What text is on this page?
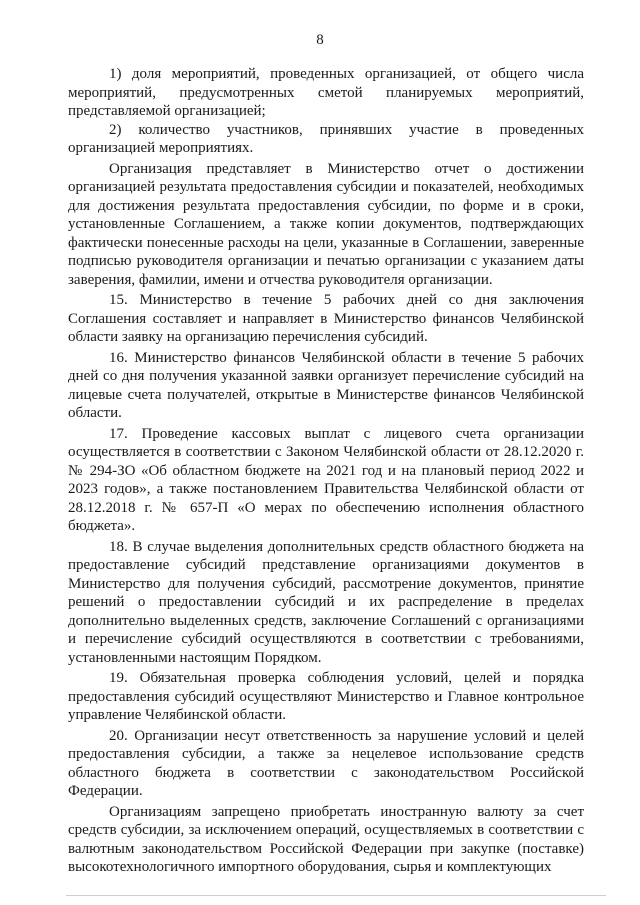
8

1) доля мероприятий, проведенных организацией, от общего числа мероприятий, предусмотренных сметой планируемых мероприятий, представляемой организацией;

2) количество участников, принявших участие в проведенных организацией мероприятиях.

Организация представляет в Министерство отчет о достижении организацией результата предоставления субсидии и показателей, необходимых для достижения результата предоставления субсидии, по форме и в сроки, установленные Соглашением, а также копии документов, подтверждающих фактически понесенные расходы на цели, указанные в Соглашении, заверенные подписью руководителя организации и печатью организации с указанием даты заверения, фамилии, имени и отчества руководителя организации.

15. Министерство в течение 5 рабочих дней со дня заключения Соглашения составляет и направляет в Министерство финансов Челябинской области заявку на организацию перечисления субсидий.

16. Министерство финансов Челябинской области в течение 5 рабочих дней со дня получения указанной заявки организует перечисление субсидий на лицевые счета получателей, открытые в Министерстве финансов Челябинской области.

17. Проведение кассовых выплат с лицевого счета организации осуществляется в соответствии с Законом Челябинской области от 28.12.2020 г. № 294-ЗО «Об областном бюджете на 2021 год и на плановый период 2022 и 2023 годов», а также постановлением Правительства Челябинской области от 28.12.2018 г. № 657-П «О мерах по обеспечению исполнения областного бюджета».

18. В случае выделения дополнительных средств областного бюджета на предоставление субсидий представление организациями документов в Министерство для получения субсидий, рассмотрение документов, принятие решений о предоставлении субсидий и их распределение в пределах дополнительно выделенных средств, заключение Соглашений с организациями и перечисление субсидий осуществляются в соответствии с требованиями, установленными настоящим Порядком.

19. Обязательная проверка соблюдения условий, целей и порядка предоставления субсидий осуществляют Министерство и Главное контрольное управление Челябинской области.

20. Организации несут ответственность за нарушение условий и целей предоставления субсидии, а также за нецелевое использование средств областного бюджета в соответствии с законодательством Российской Федерации.

Организациям запрещено приобретать иностранную валюту за счет средств субсидии, за исключением операций, осуществляемых в соответствии с валютным законодательством Российской Федерации при закупке (поставке) высокотехнологичного импортного оборудования, сырья и комплектующих
